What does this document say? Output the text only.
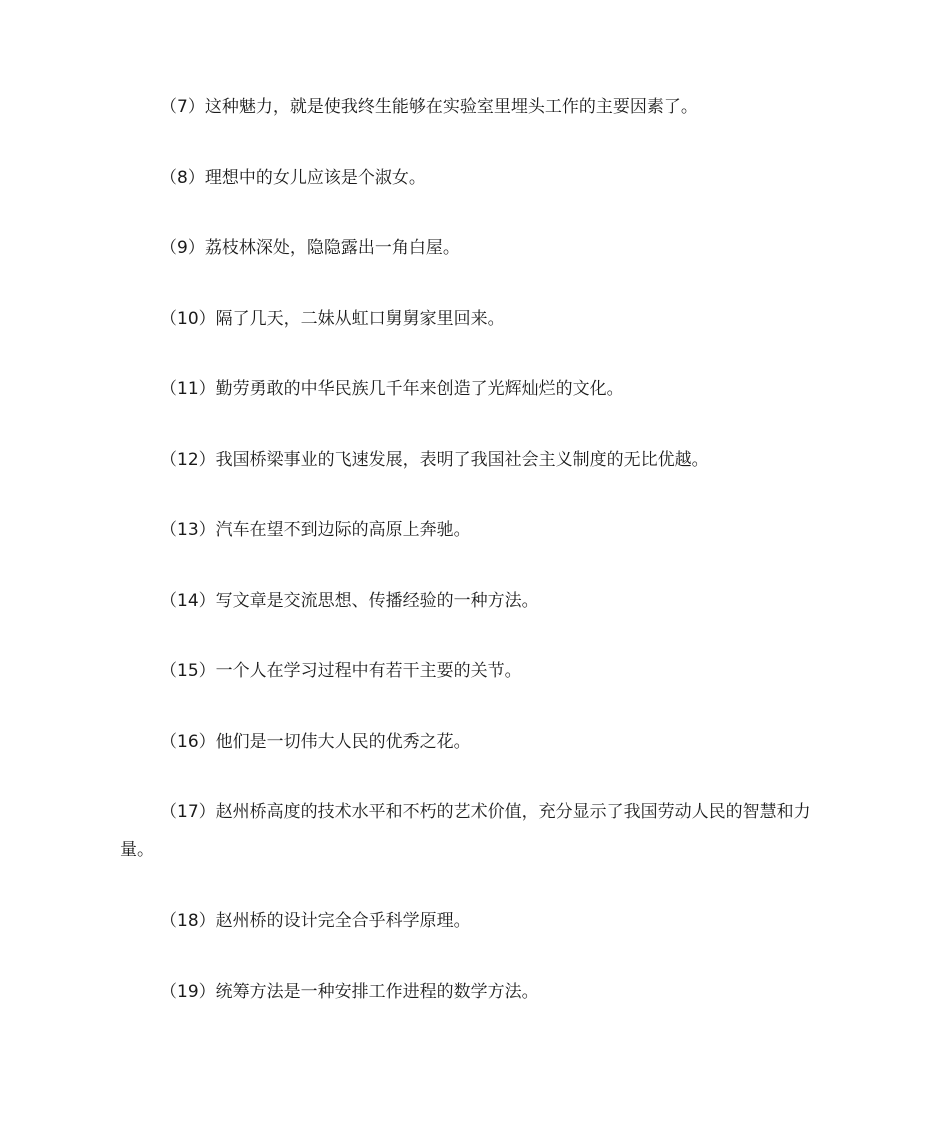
（7）这种魅力，就是使我终生能够在实验室里埋头工作的主要因素了。
（8）理想中的女儿应该是个淑女。
（9）荔枝林深处，隐隐露出一角白屋。
（10）隔了几天，二妹从虹口舅舅家里回来。
（11）勤劳勇敢的中华民族几千年来创造了光辉灿烂的文化。
（12）我国桥梁事业的飞速发展，表明了我国社会主义制度的无比优越。
（13）汽车在望不到边际的高原上奔驰。
（14）写文章是交流思想、传播经验的一种方法。
（15）一个人在学习过程中有若干主要的关节。
（16）他们是一切伟大人民的优秀之花。
（17）赵州桥高度的技术水平和不朽的艺术价值，充分显示了我国劳动人民的智慧和力量。
（18）赵州桥的设计完全合乎科学原理。
（19）统筹方法是一种安排工作进程的数学方法。
